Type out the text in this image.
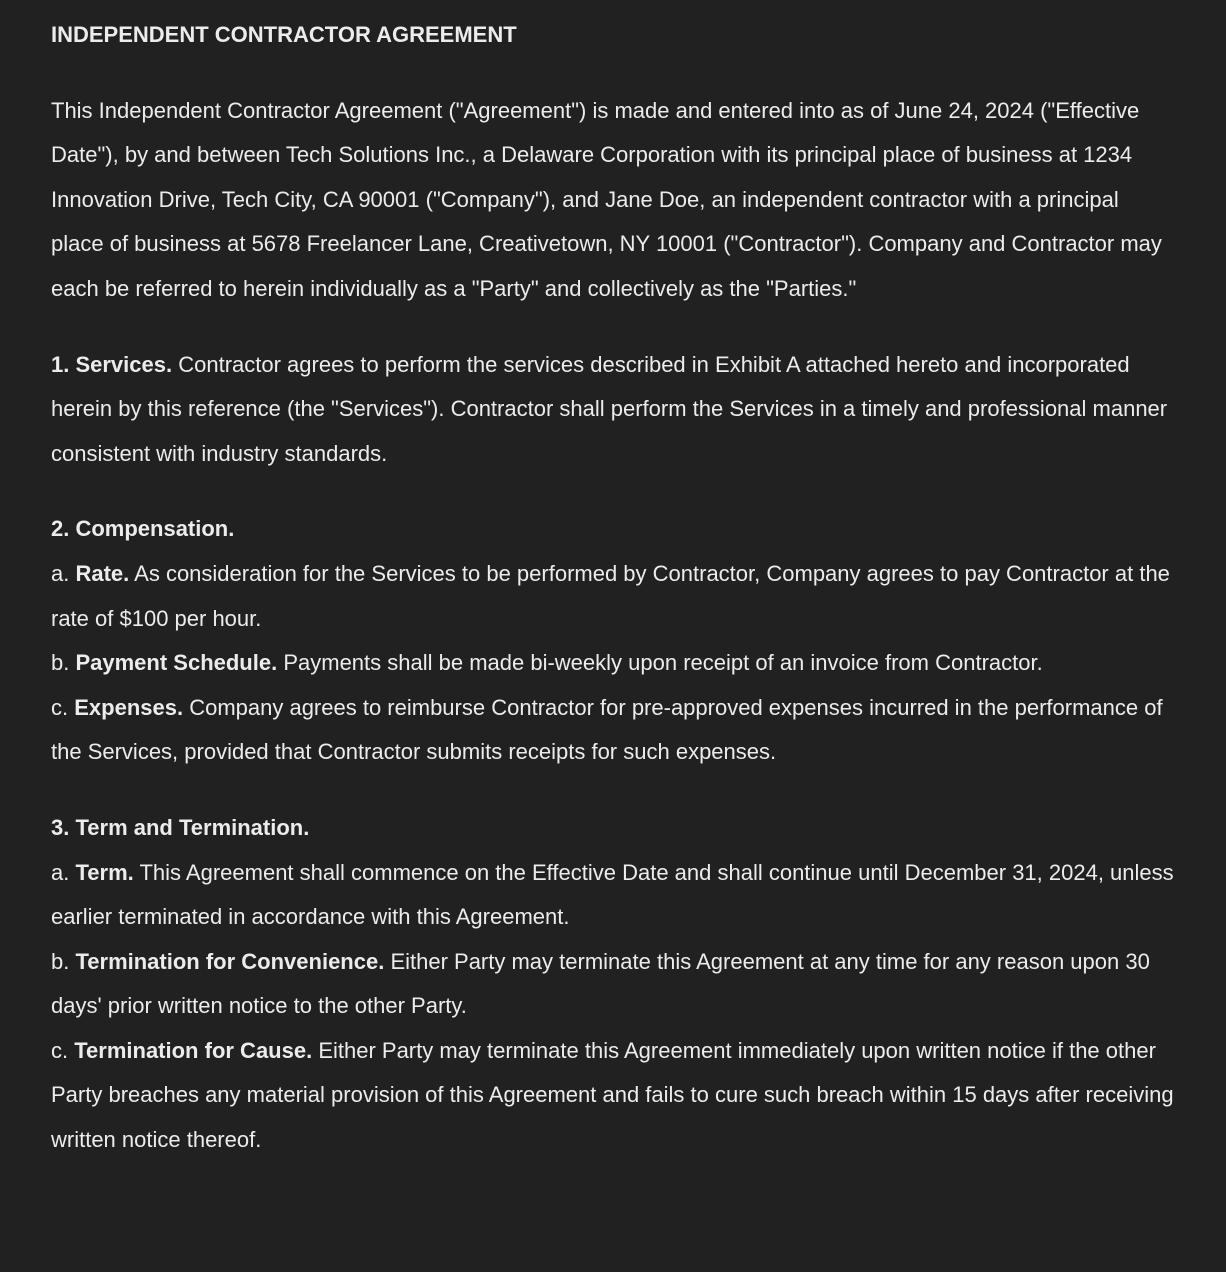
INDEPENDENT CONTRACTOR AGREEMENT

This Independent Contractor Agreement ("Agreement") is made and entered into as of June 24, 2024 ("Effective Date"), by and between Tech Solutions Inc., a Delaware Corporation with its principal place of business at 1234 Innovation Drive, Tech City, CA 90001 ("Company"), and Jane Doe, an independent contractor with a principal place of business at 5678 Freelancer Lane, Creativetown, NY 10001 ("Contractor"). Company and Contractor may each be referred to herein individually as a "Party" and collectively as the "Parties."

1. Services. Contractor agrees to perform the services described in Exhibit A attached hereto and incorporated herein by this reference (the "Services"). Contractor shall perform the Services in a timely and professional manner consistent with industry standards.

2. Compensation.
a. Rate. As consideration for the Services to be performed by Contractor, Company agrees to pay Contractor at the rate of $100 per hour.
b. Payment Schedule. Payments shall be made bi-weekly upon receipt of an invoice from Contractor.
c. Expenses. Company agrees to reimburse Contractor for pre-approved expenses incurred in the performance of the Services, provided that Contractor submits receipts for such expenses.
3. Term and Termination.
a. Term. This Agreement shall commence on the Effective Date and shall continue until December 31, 2024, unless earlier terminated in accordance with this Agreement.
b. Termination for Convenience. Either Party may terminate this Agreement at any time for any reason upon 30 days' prior written notice to the other Party.
c. Termination for Cause. Either Party may terminate this Agreement immediately upon written notice if the other Party breaches any material provision of this Agreement and fails to cure such breach within 15 days after receiving written notice thereof.
